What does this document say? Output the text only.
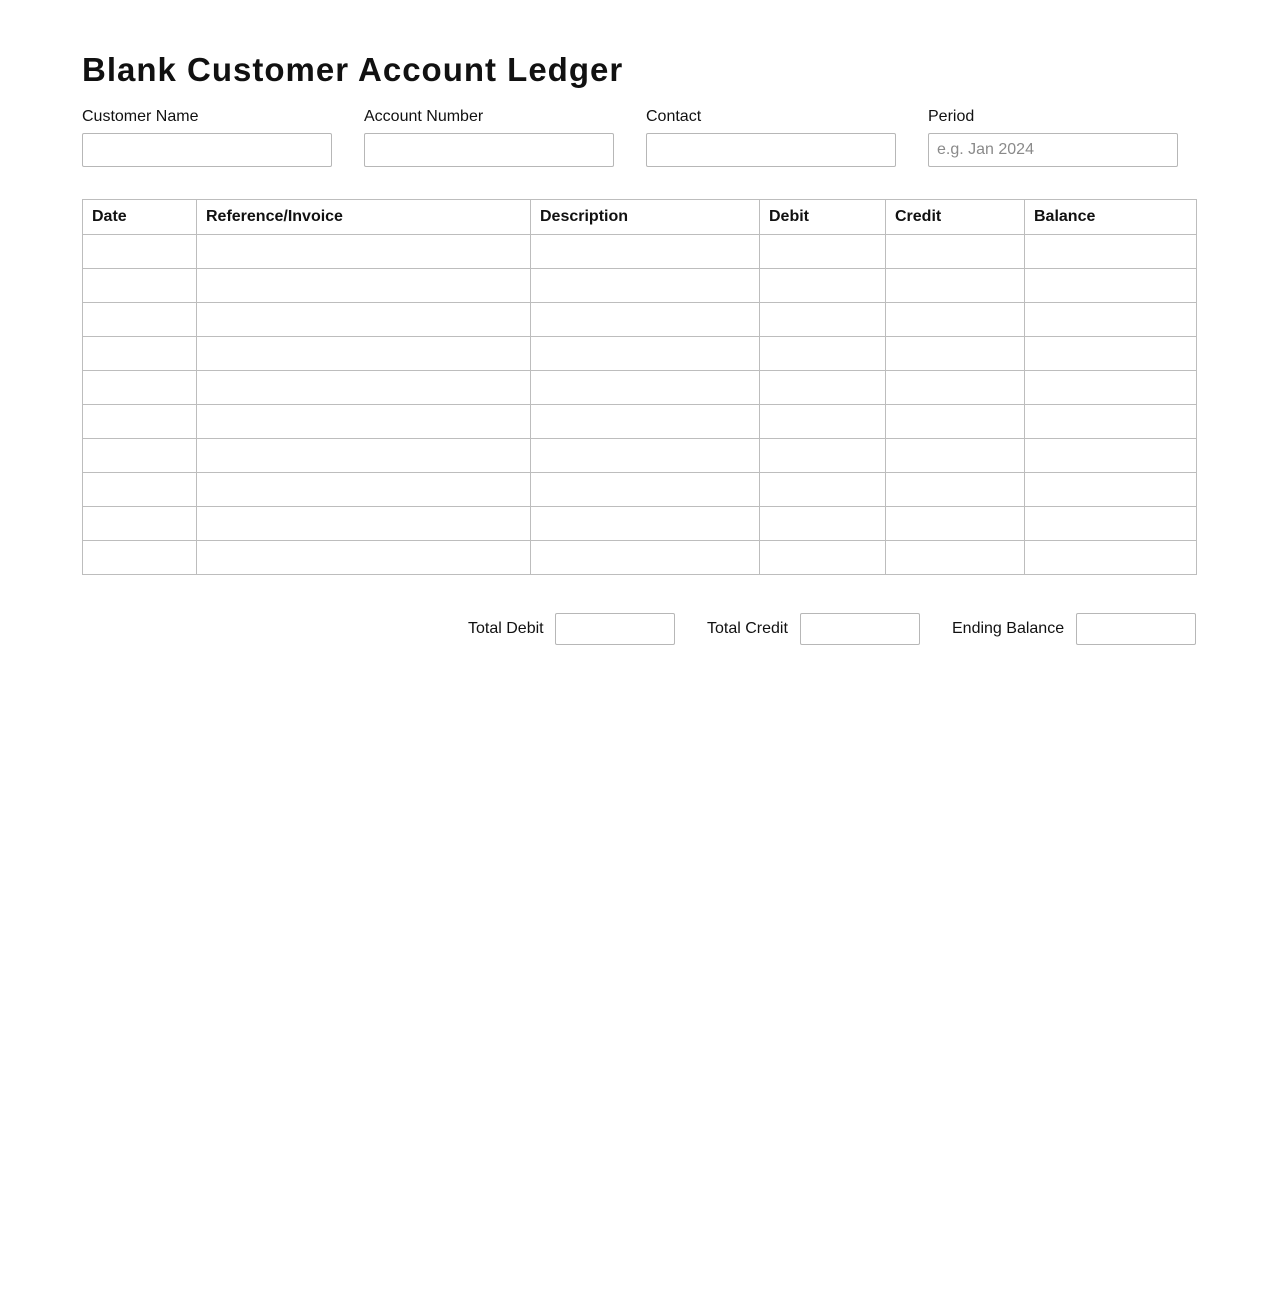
Blank Customer Account Ledger
Customer Name	Account Number	Contact	Period
e.g. Jan 2024
Date	Reference/Invoice	Description	Debit	Credit	Balance

Total Debit	Total Credit	Ending Balance
